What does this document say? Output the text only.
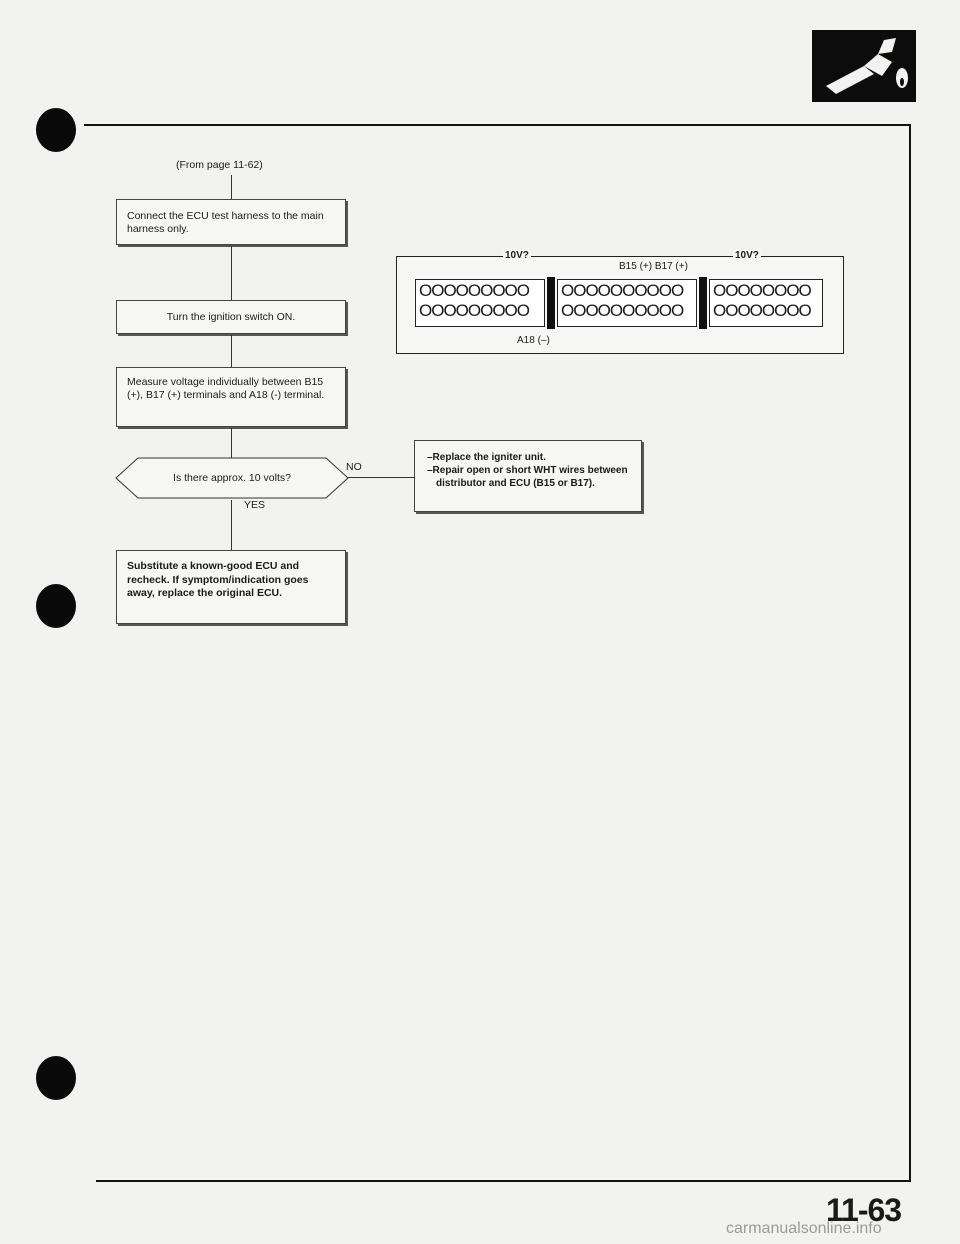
(From page 11-62)
Connect the ECU test harness to the main harness only.
Turn the ignition switch ON.
Measure voltage individually between B15 (+), B17 (+) terminals and A18 (-) terminal.
Is there approx. 10 volts?
NO
YES
Substitute a known-good ECU and recheck. If symptom/indication goes away, replace the original ECU.
–Replace the igniter unit.
–Repair open or short WHT wires between distributor and ECU (B15 or B17).
10V?	10V?
B15 (+) B17 (+)
OOOOOOOOO
OOOOOOOOO
OOOOOOOOOO
OOOOOOOOOO
OOOOOOOO
OOOOOOOO
A18 (–)
11-63
carmanualsonline.info
